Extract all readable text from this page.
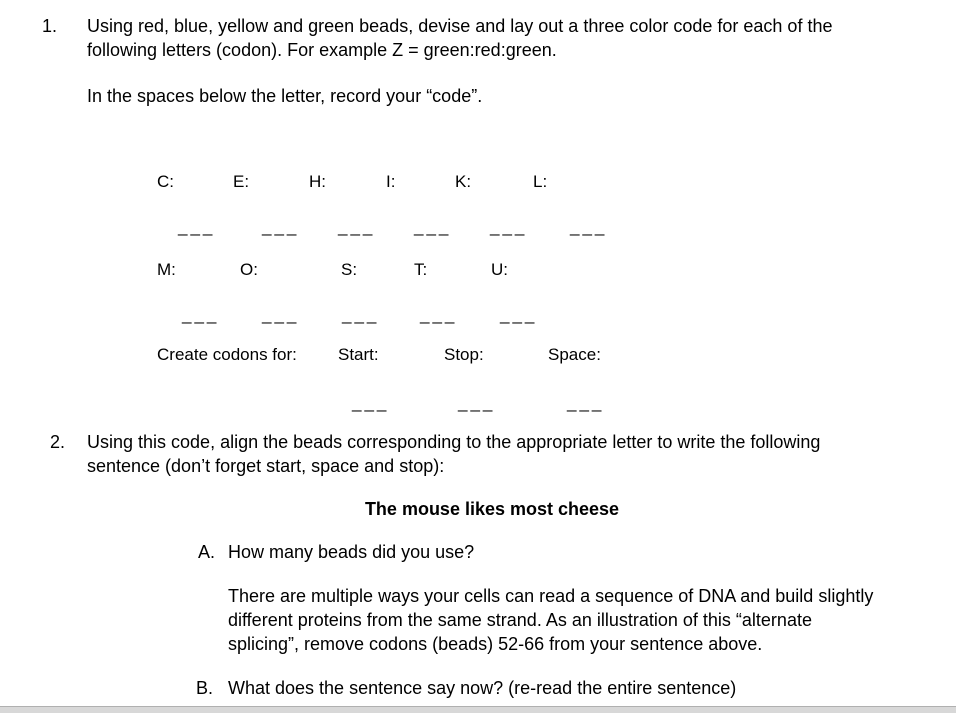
1. Using red, blue, yellow and green beads, devise and lay out a three color code for each of the
following letters (codon). For example Z = green:red:green.
In the spaces below the letter, record your “code”.
C:	E:	H:	I:	K:	L:
___	___ ___ ___ ___	___
M:	O:	S:	T:	U:
___	___	___ ___	___
Create codons for: Start:	Stop:	Space:
___	___	___
2. Using this code, align the beads corresponding to the appropriate letter to write the following
sentence (don’t forget start, space and stop):
The mouse likes most cheese
A. How many beads did you use?
There are multiple ways your cells can read a sequence of DNA and build slightly
different proteins from the same strand. As an illustration of this “alternate
splicing”, remove codons (beads) 52-66 from your sentence above.
B. What does the sentence say now? (re-read the entire sentence)
